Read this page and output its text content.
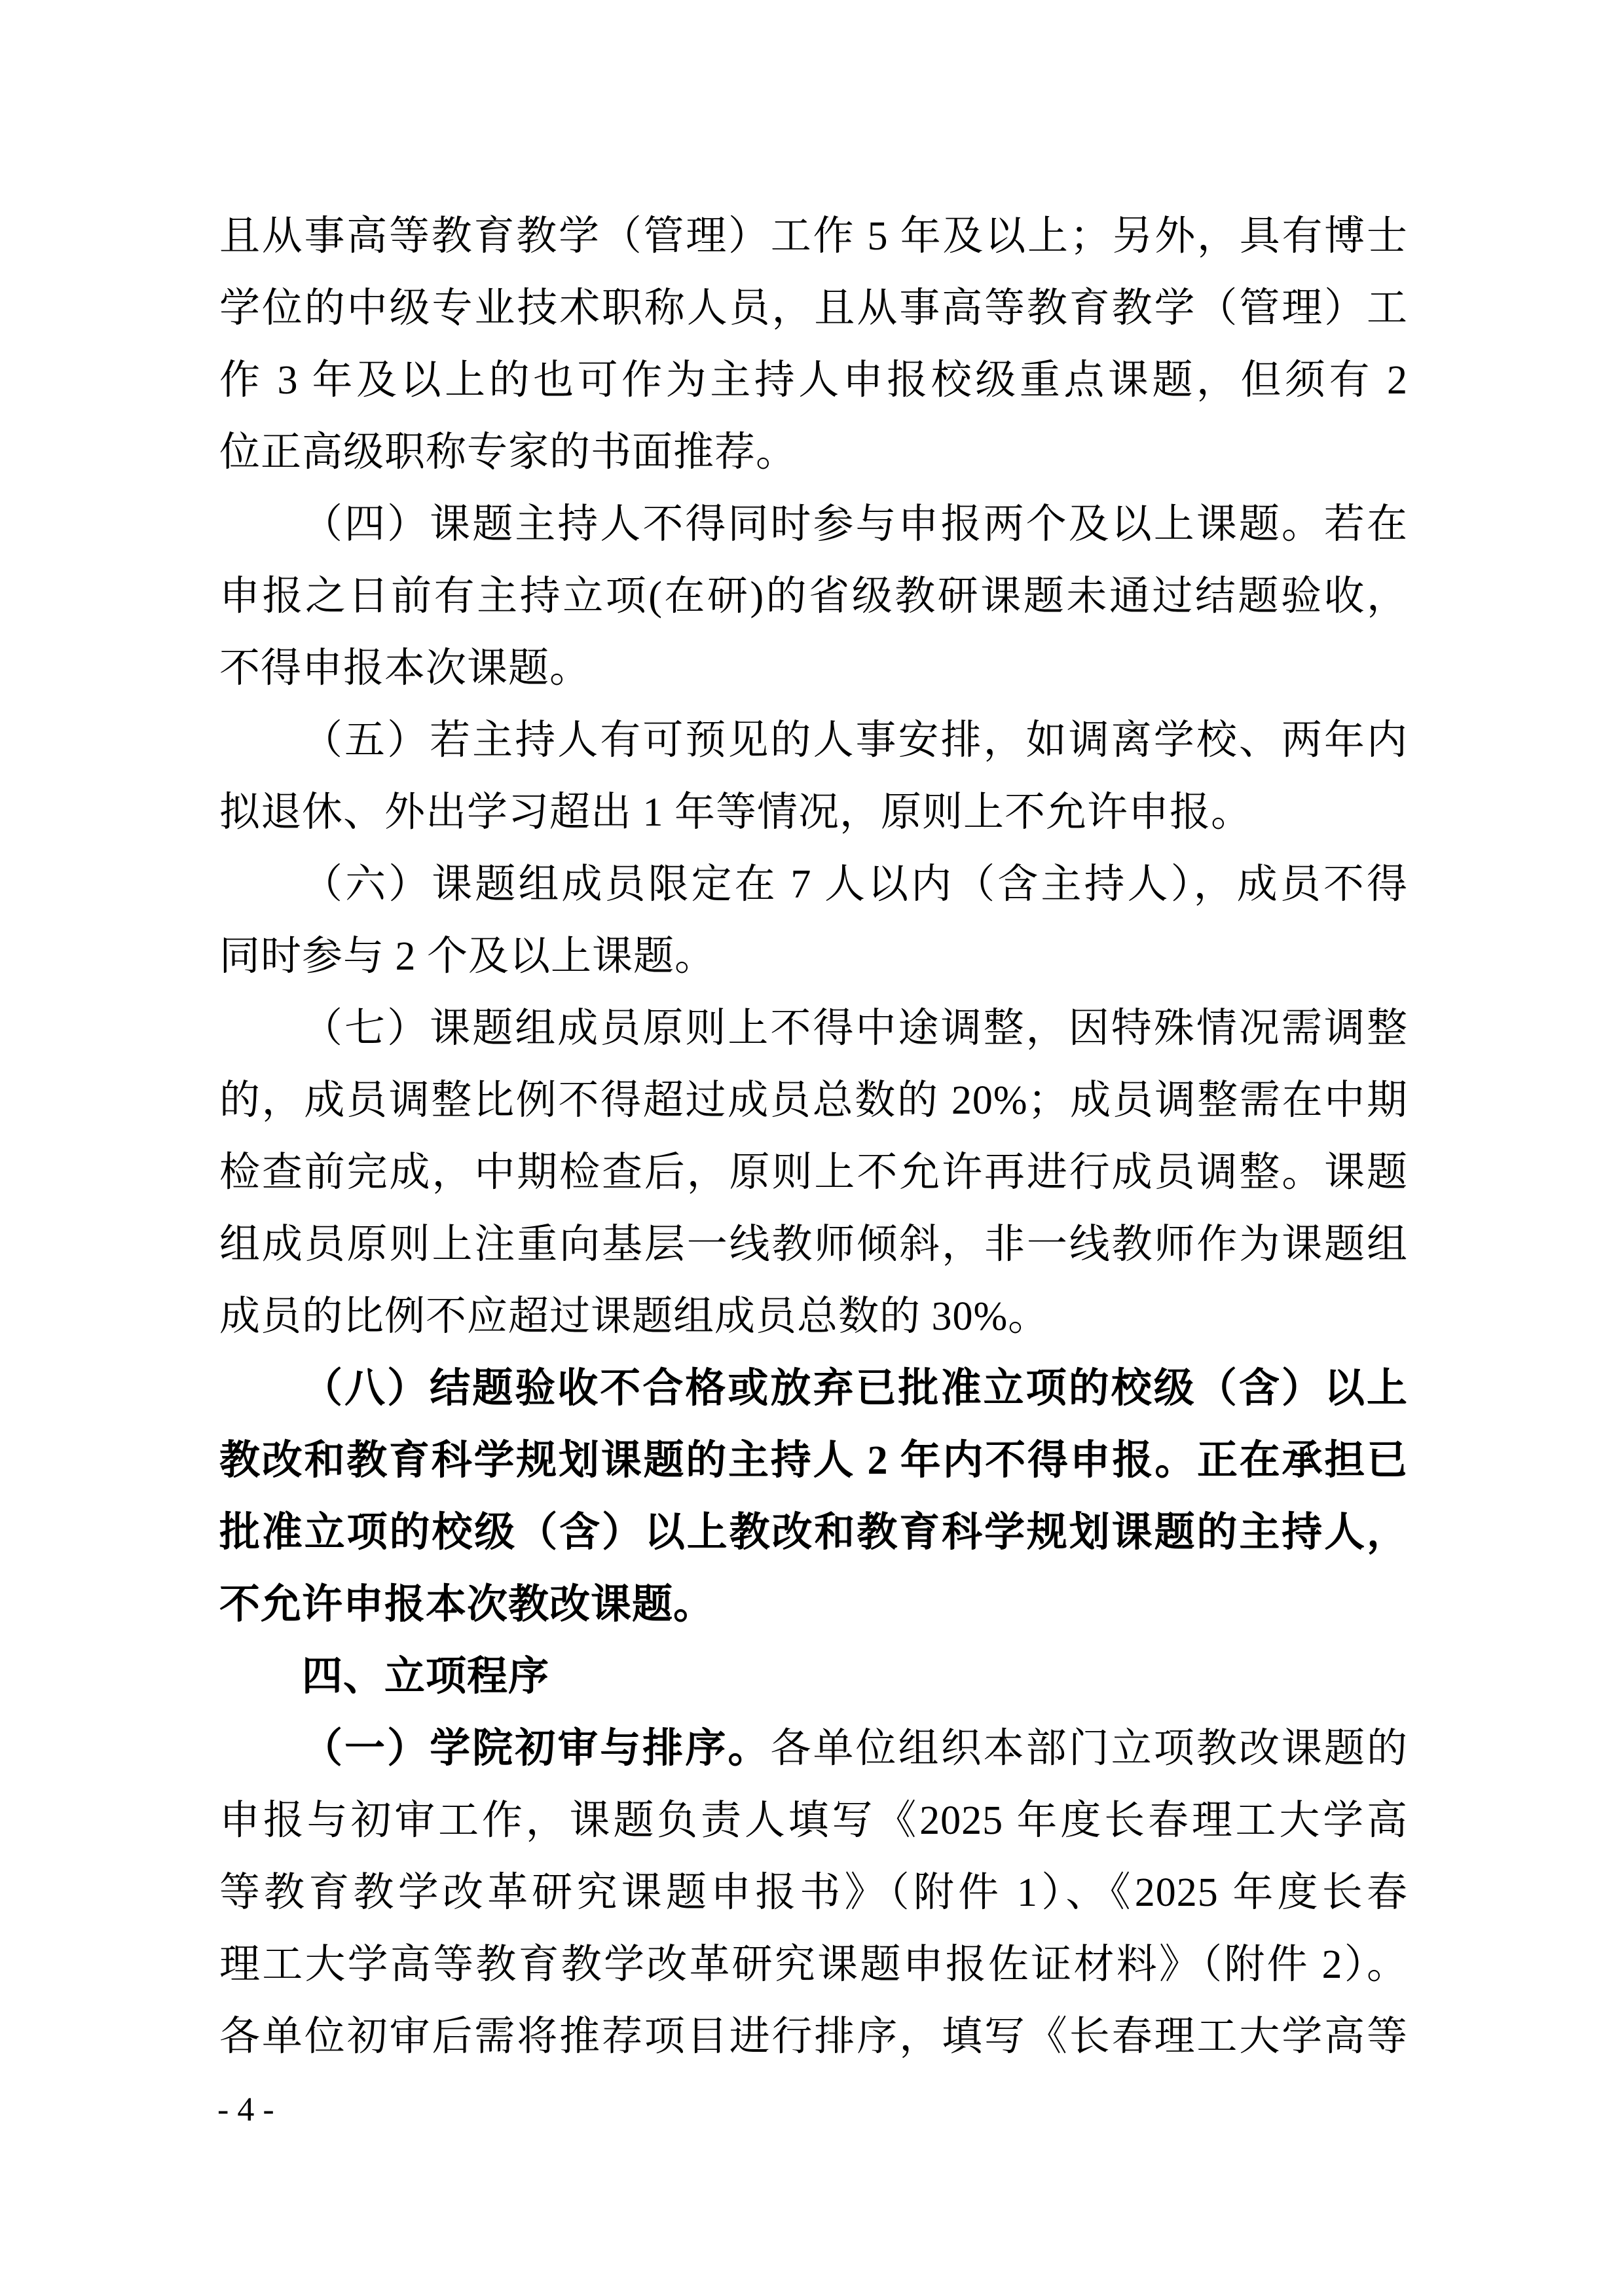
且从事高等教育教学（管理）工作 5 年及以上；另外，具有博士
学位的中级专业技术职称人员，且从事高等教育教学（管理）工
作 3 年及以上的也可作为主持人申报校级重点课题，但须有 2
位正高级职称专家的书面推荐。
（四）课题主持人不得同时参与申报两个及以上课题。若在
申报之日前有主持立项(在研)的省级教研课题未通过结题验收，
不得申报本次课题。
（五）若主持人有可预见的人事安排，如调离学校、两年内
拟退休、外出学习超出 1 年等情况，原则上不允许申报。
（六）课题组成员限定在 7 人以内（含主持人），成员不得
同时参与 2 个及以上课题。
（七）课题组成员原则上不得中途调整，因特殊情况需调整
的，成员调整比例不得超过成员总数的 20%；成员调整需在中期
检查前完成，中期检查后，原则上不允许再进行成员调整。课题
组成员原则上注重向基层一线教师倾斜，非一线教师作为课题组
成员的比例不应超过课题组成员总数的 30%。
（八）结题验收不合格或放弃已批准立项的校级（含）以上
教改和教育科学规划课题的主持人 2 年内不得申报。正在承担已
批准立项的校级（含）以上教改和教育科学规划课题的主持人，
不允许申报本次教改课题。
四、立项程序
（一）学院初审与排序。各单位组织本部门立项教改课题的
申报与初审工作，课题负责人填写《2025 年度长春理工大学高
等教育教学改革研究课题申报书》（附件 1）、《2025 年度长春
理工大学高等教育教学改革研究课题申报佐证材料》（附件 2）。
各单位初审后需将推荐项目进行排序，填写《长春理工大学高等
- 4 -
